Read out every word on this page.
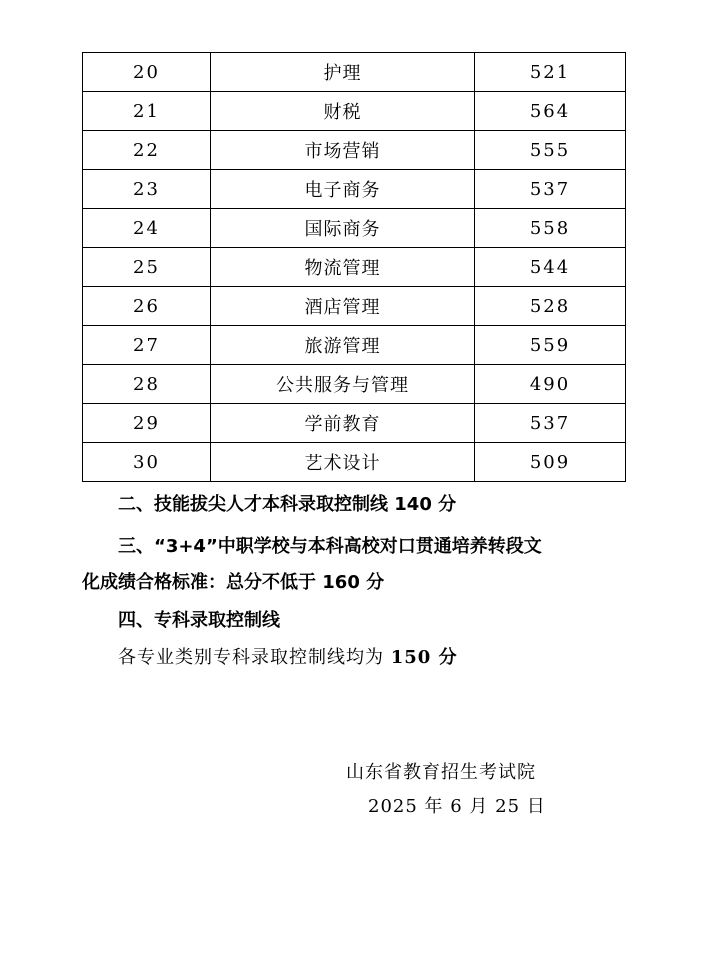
20	护理	521
21	财税	564
22	市场营销	555
23	电子商务	537
24	国际商务	558
25	物流管理	544
26	酒店管理	528
27	旅游管理	559
28	公共服务与管理	490
29	学前教育	537
30	艺术设计	509

二、技能拔尖人才本科录取控制线 140 分

三、“3+4”中职学校与本科高校对口贯通培养转段文

化成绩合格标准：总分不低于 160 分

四、专科录取控制线

各专业类别专科录取控制线均为 150 分

山东省教育招生考试院
2025 年 6 月 25 日
